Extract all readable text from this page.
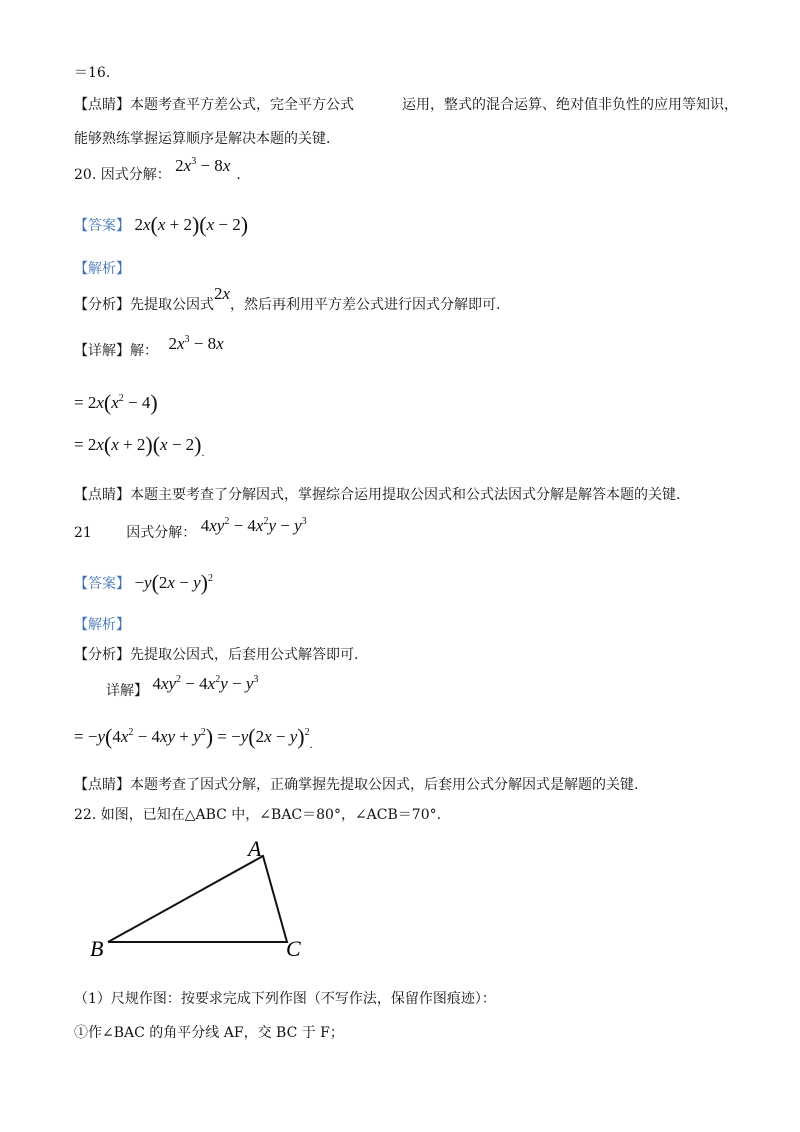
＝16.
【点睛】本题考查平方差公式，完全平方公式	运用，整式的混合运算、绝对值非负性的应用等知识，
能够熟练掌握运算顺序是解决本题的关键.
20. 因式分解： $2x^3 - 8x$ .
【答案】 2x(x + 2)(x − 2)
【解析】
【分析】先提取公因式2x，然后再利用平方差公式进行因式分解即可.
【详解】解： $2x^3 - 8x$
= $2x(x^2 - 4)$
= $2x(x + 2)(x - 2)_.$
【点睛】本题主要考查了分解因式，掌握综合运用提取公因式和公式法因式分解是解答本题的关键.
21 因式分解： $4xy^2 - 4x^2y - y^3$
【答案】 $-y(2x - y)^2$
【解析】
【分析】先提取公因式，后套用公式解答即可.
详解】 $4xy^2 - 4x^2y - y^3$
= $-y(4x^2 - 4xy + y^2) = -y(2x - y)^2_.$
【点睛】本题考查了因式分解，正确掌握先提取公因式，后套用公式分解因式是解题的关键.
22. 如图，已知在△ABC 中，∠BAC＝80°，∠ACB＝70°.
A
B	C
（1）尺规作图：按要求完成下列作图（不写作法，保留作图痕迹）：
①作∠BAC 的角平分线 AF，交 BC 于 F；
